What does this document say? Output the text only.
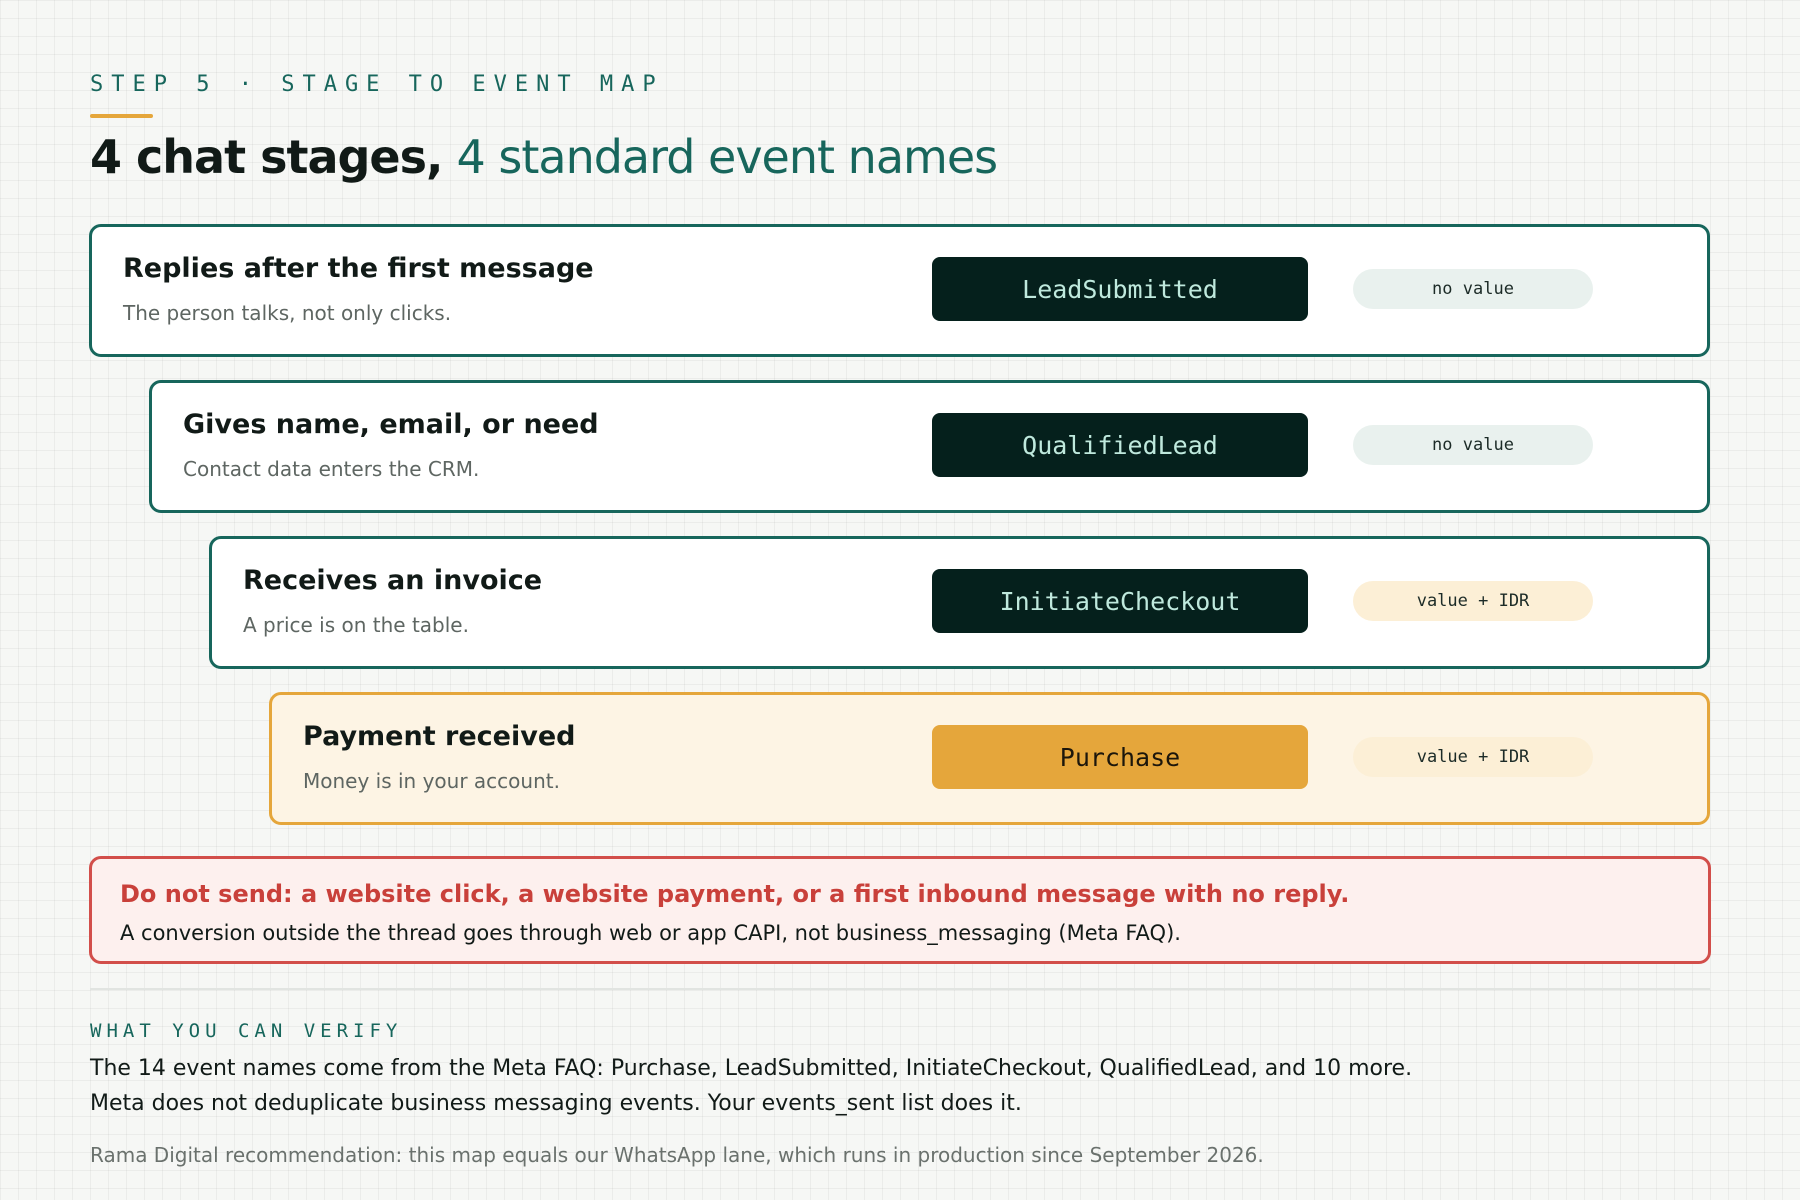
STEP 5 · STAGE TO EVENT MAP
4 chat stages, 4 standard event names
Replies after the first message
The person talks, not only clicks.
LeadSubmitted	no value
Gives name, email, or need
Contact data enters the CRM.
QualifiedLead	no value
Receives an invoice
A price is on the table.
InitiateCheckout	value + IDR
Payment received
Money is in your account.
Purchase	value + IDR
Do not send: a website click, a website payment, or a first inbound message with no reply.
A conversion outside the thread goes through web or app CAPI, not business_messaging (Meta FAQ).
WHAT YOU CAN VERIFY

The 14 event names come from the Meta FAQ: Purchase, LeadSubmitted, InitiateCheckout, QualifiedLead, and 10 more.

Meta does not deduplicate business messaging events. Your events_sent list does it.

Rama Digital recommendation: this map equals our WhatsApp lane, which runs in production since September 2026.
